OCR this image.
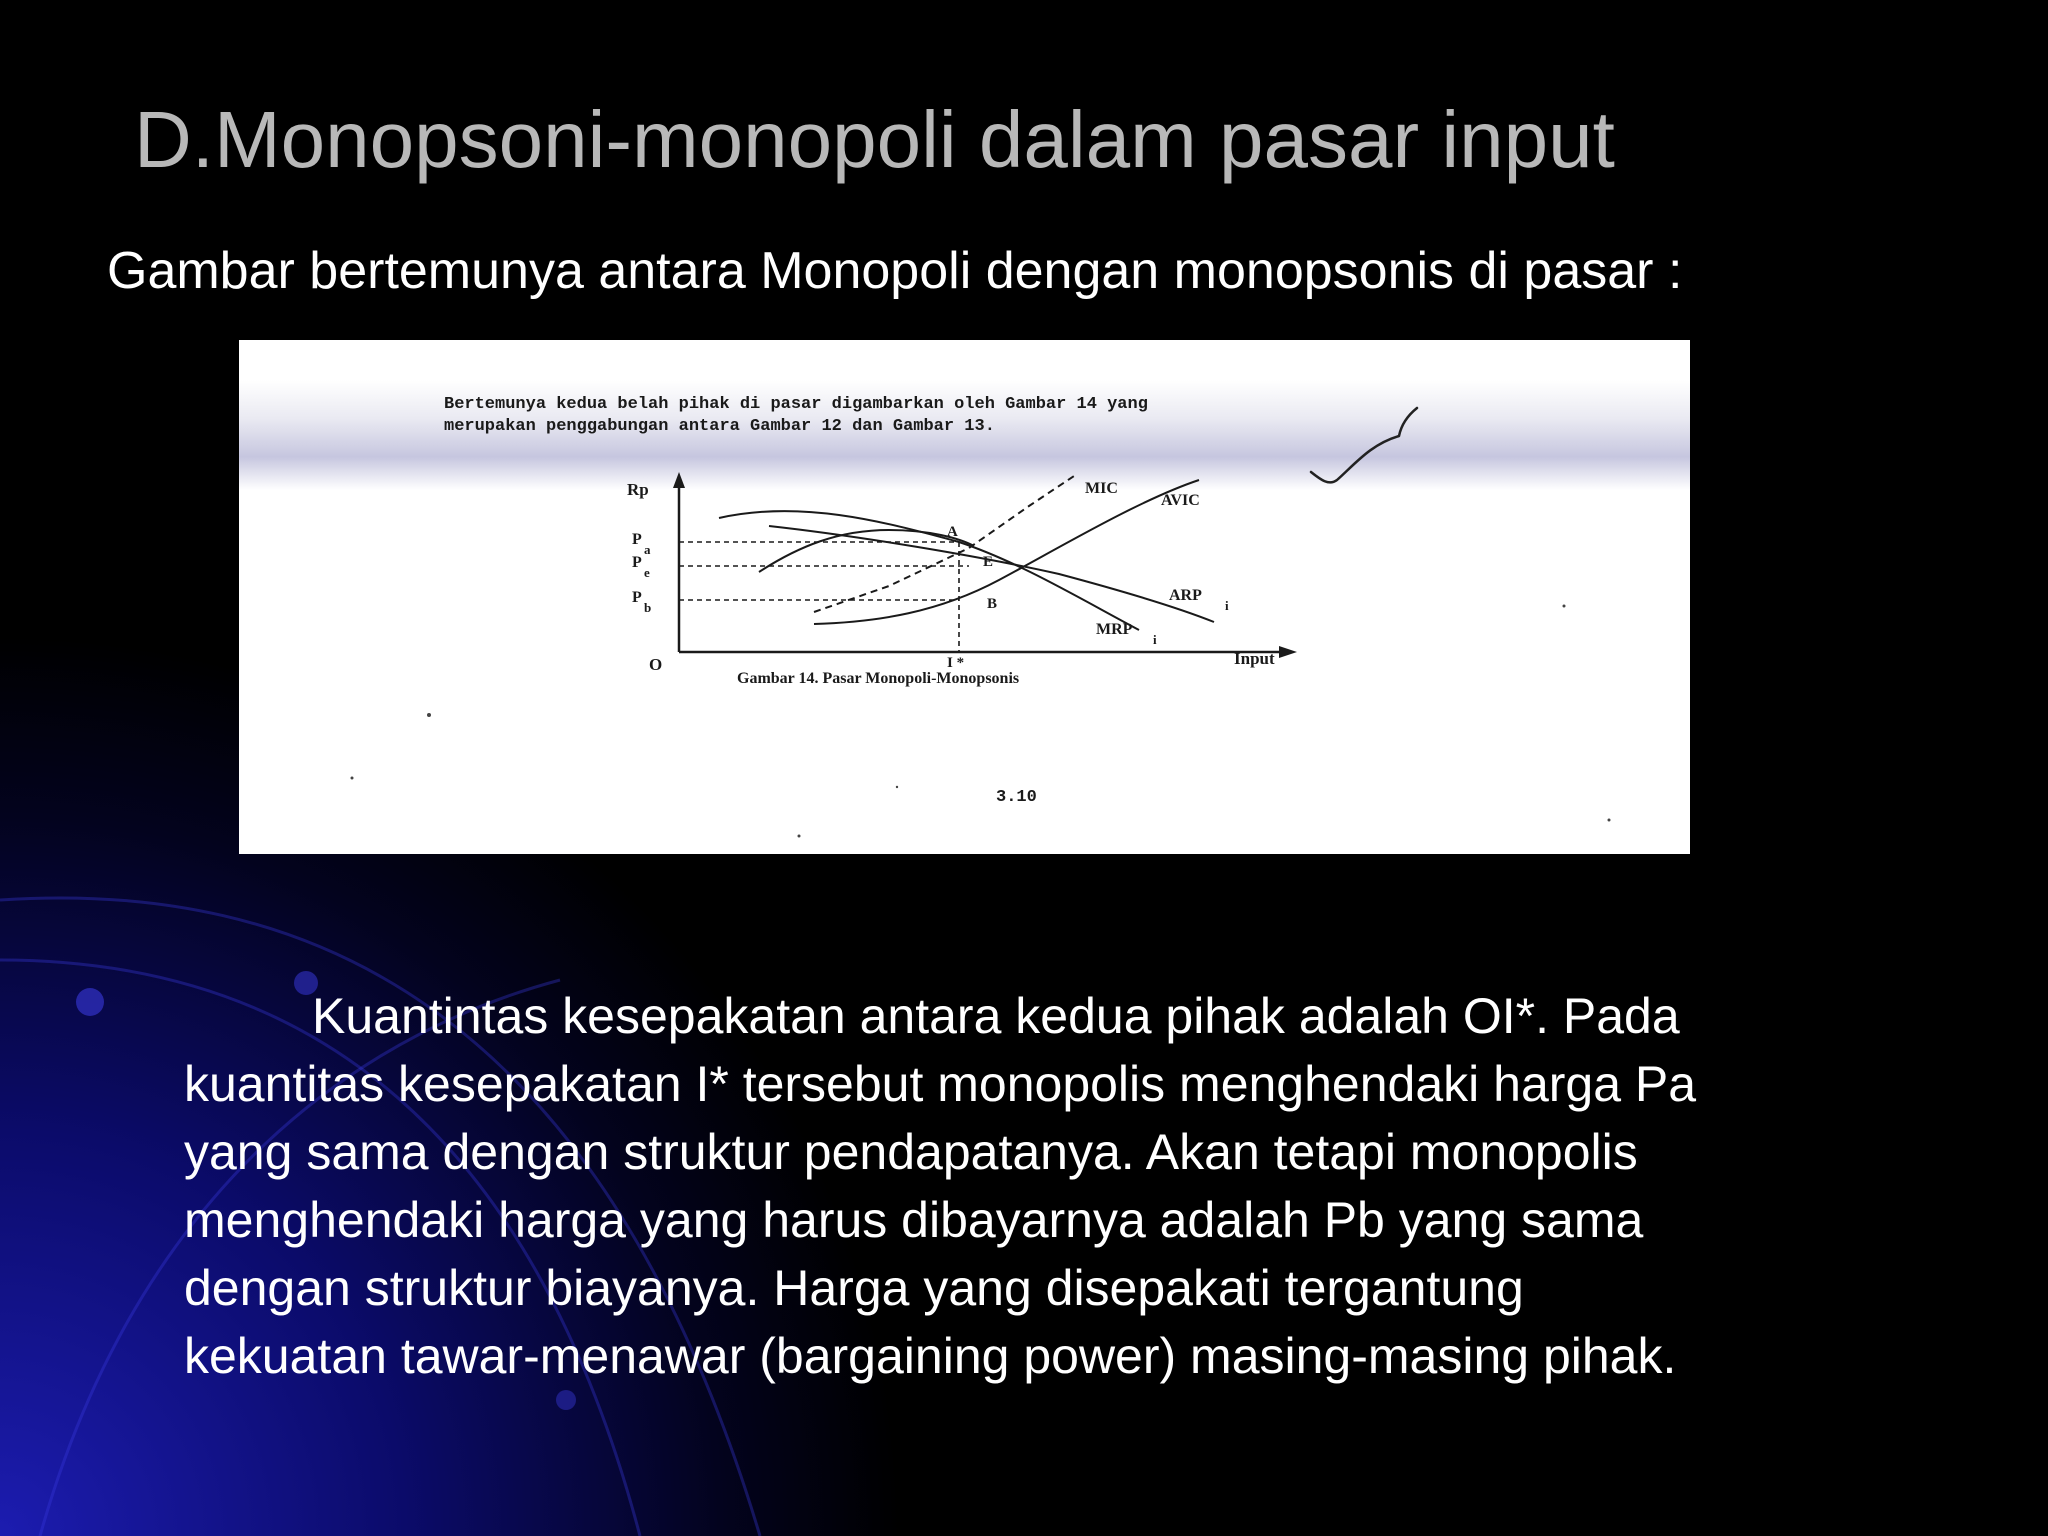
D.Monopsoni-monopoli dalam pasar input
Gambar bertemunya antara Monopoli dengan monopsonis di pasar :
Bertemunya kedua belah pihak di pasar digambarkan oleh Gambar 14 yang
merupakan penggabungan antara Gambar 12 dan Gambar 13.
Rp
Input
O
P
a
P
e
P
b
I *
A
E
B
MIC
AVIC
ARP
i
MRP
i
Gambar 14. Pasar Monopoli-Monopsonis
3.10
Kuantintas kesepakatan antara kedua pihak adalah OI*. Pada
kuantitas kesepakatan I* tersebut monopolis menghendaki harga Pa
yang sama dengan struktur pendapatanya. Akan tetapi monopolis
menghendaki harga yang harus dibayarnya adalah Pb yang sama
dengan struktur biayanya. Harga yang disepakati tergantung
kekuatan tawar-menawar (bargaining power) masing-masing pihak.
